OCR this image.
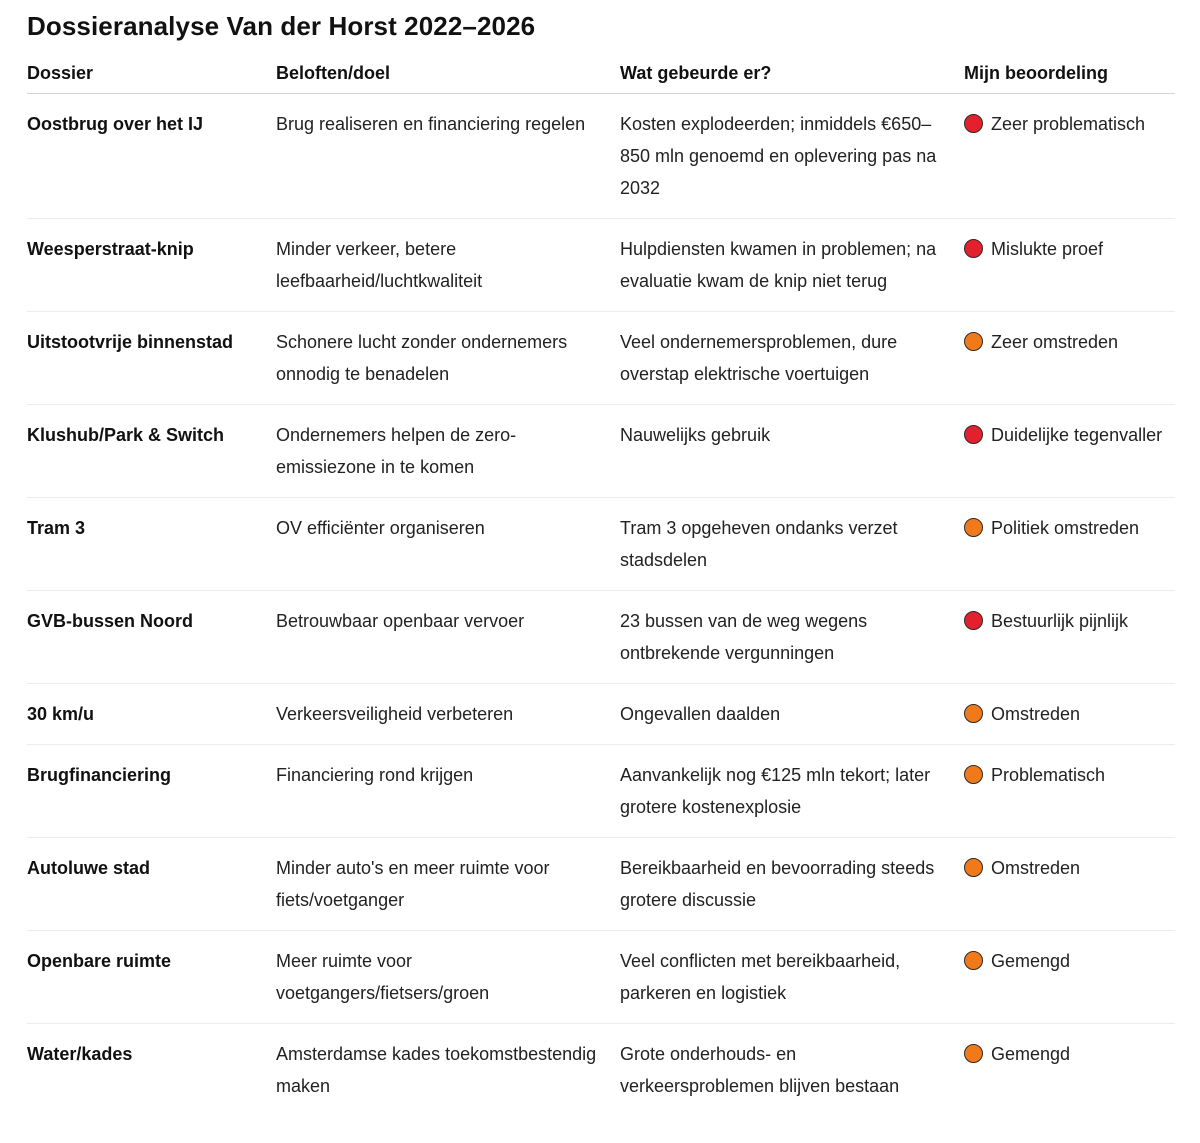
Dossieranalyse Van der Horst 2022–2026
Dossier	Beloften/doel	Wat gebeurde er?	Mijn beoordeling
Oostbrug over het IJ	Brug realiseren en financiering regelen	Kosten explodeerden; inmiddels €650–850 mln genoemd en oplevering pas na 2032	Zeer problematisch
Weesperstraat-knip	Minder verkeer, betere leefbaarheid/luchtkwaliteit	Hulpdiensten kwamen in problemen; na evaluatie kwam de knip niet terug	Mislukte proef
Uitstootvrije binnenstad	Schonere lucht zonder ondernemers onnodig te benadelen	Veel ondernemersproblemen, dure overstap elektrische voertuigen	Zeer omstreden
Klushub/Park & Switch	Ondernemers helpen de zero-emissiezone in te komen	Nauwelijks gebruik	Duidelijke tegenvaller
Tram 3	OV efficiënter organiseren	Tram 3 opgeheven ondanks verzet stadsdelen	Politiek omstreden
GVB-bussen Noord	Betrouwbaar openbaar vervoer	23 bussen van de weg wegens ontbrekende vergunningen	Bestuurlijk pijnlijk
30 km/u	Verkeersveiligheid verbeteren	Ongevallen daalden	Omstreden
Brugfinanciering	Financiering rond krijgen	Aanvankelijk nog €125 mln tekort; later grotere kostenexplosie	Problematisch
Autoluwe stad	Minder auto's en meer ruimte voor fiets/voetganger	Bereikbaarheid en bevoorrading steeds grotere discussie	Omstreden
Openbare ruimte	Meer ruimte voor voetgangers/fietsers/groen	Veel conflicten met bereikbaarheid, parkeren en logistiek	Gemengd
Water/kades	Amsterdamse kades toekomstbestendig maken	Grote onderhouds- en verkeersproblemen blijven bestaan	Gemengd
